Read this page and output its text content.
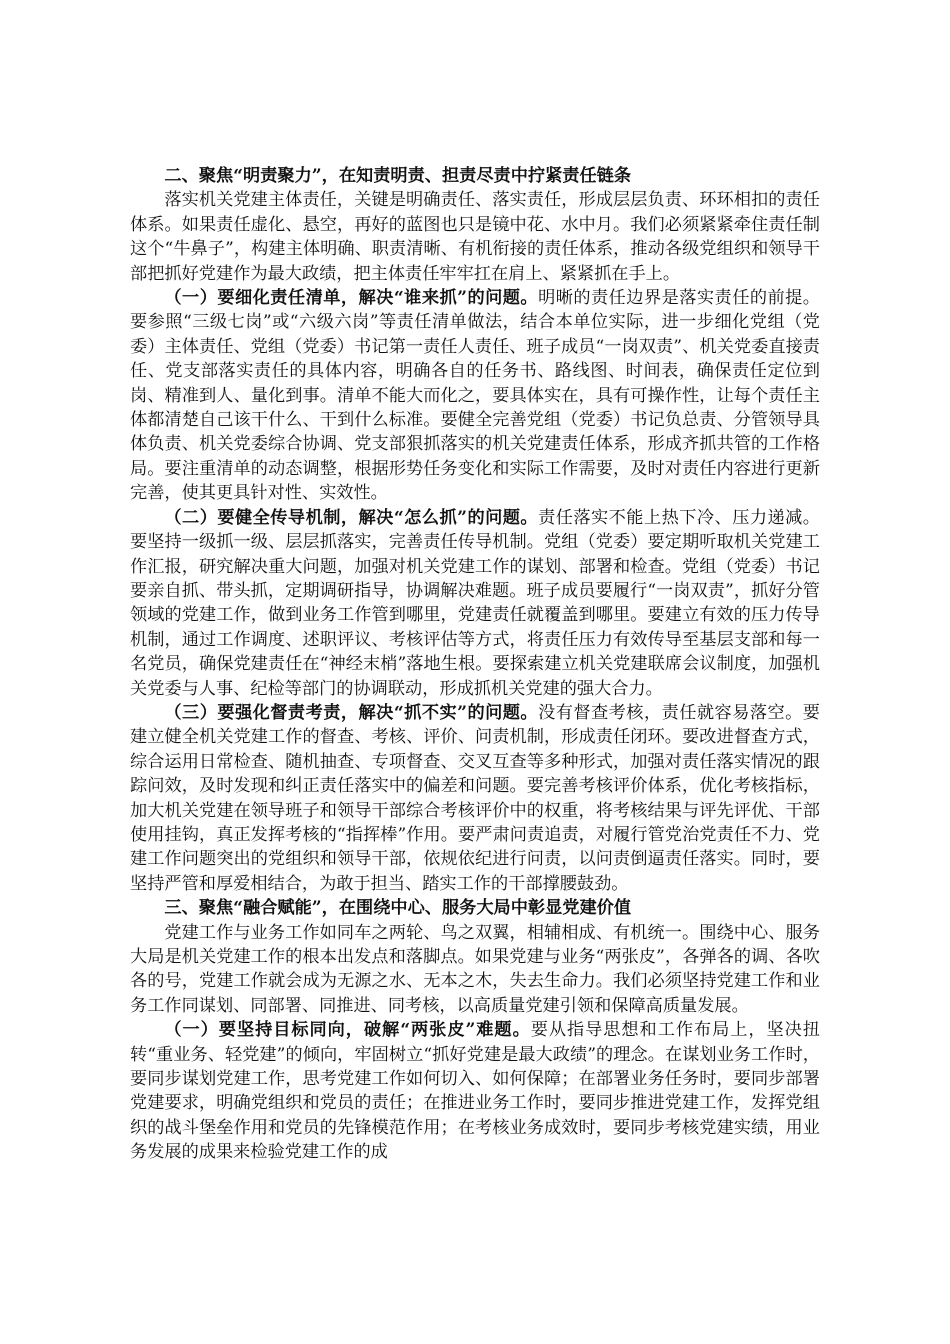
二、聚焦“明责聚力”，在知责明责、担责尽责中拧紧责任链条

落实机关党建主体责任，关键是明确责任、落实责任，形成层层负责、环环相扣的责任体系。如果责任虚化、悬空，再好的蓝图也只是镜中花、水中月。我们必须紧紧牵住责任制这个“牛鼻子”，构建主体明确、职责清晰、有机衔接的责任体系，推动各级党组织和领导干部把抓好党建作为最大政绩，把主体责任牢牢扛在肩上、紧紧抓在手上。

（一）要细化责任清单，解决“谁来抓”的问题。明晰的责任边界是落实责任的前提。要参照“三级七岗”或“六级六岗”等责任清单做法，结合本单位实际，进一步细化党组（党委）主体责任、党组（党委）书记第一责任人责任、班子成员“一岗双责”、机关党委直接责任、党支部落实责任的具体内容，明确各自的任务书、路线图、时间表，确保责任定位到岗、精准到人、量化到事。清单不能大而化之，要具体实在，具有可操作性，让每个责任主体都清楚自己该干什么、干到什么标准。要健全完善党组（党委）书记负总责、分管领导具体负责、机关党委综合协调、党支部狠抓落实的机关党建责任体系，形成齐抓共管的工作格局。要注重清单的动态调整，根据形势任务变化和实际工作需要，及时对责任内容进行更新完善，使其更具针对性、实效性。

（二）要健全传导机制，解决“怎么抓”的问题。责任落实不能上热下冷、压力递减。要坚持一级抓一级、层层抓落实，完善责任传导机制。党组（党委）要定期听取机关党建工作汇报，研究解决重大问题，加强对机关党建工作的谋划、部署和检查。党组（党委）书记要亲自抓、带头抓，定期调研指导，协调解决难题。班子成员要履行“一岗双责”，抓好分管领域的党建工作，做到业务工作管到哪里，党建责任就覆盖到哪里。要建立有效的压力传导机制，通过工作调度、述职评议、考核评估等方式，将责任压力有效传导至基层支部和每一名党员，确保党建责任在“神经末梢”落地生根。要探索建立机关党建联席会议制度，加强机关党委与人事、纪检等部门的协调联动，形成抓机关党建的强大合力。

（三）要强化督责考责，解决“抓不实”的问题。没有督查考核，责任就容易落空。要建立健全机关党建工作的督查、考核、评价、问责机制，形成责任闭环。要改进督查方式，综合运用日常检查、随机抽查、专项督查、交叉互查等多种形式，加强对责任落实情况的跟踪问效，及时发现和纠正责任落实中的偏差和问题。要完善考核评价体系，优化考核指标，加大机关党建在领导班子和领导干部综合考核评价中的权重，将考核结果与评先评优、干部使用挂钩，真正发挥考核的“指挥棒”作用。要严肃问责追责，对履行管党治党责任不力、党建工作问题突出的党组织和领导干部，依规依纪进行问责，以问责倒逼责任落实。同时，要坚持严管和厚爱相结合，为敢于担当、踏实工作的干部撑腰鼓劲。

三、聚焦“融合赋能”，在围绕中心、服务大局中彰显党建价值

党建工作与业务工作如同车之两轮、鸟之双翼，相辅相成、有机统一。围绕中心、服务大局是机关党建工作的根本出发点和落脚点。如果党建与业务“两张皮”，各弹各的调、各吹各的号，党建工作就会成为无源之水、无本之木，失去生命力。我们必须坚持党建工作和业务工作同谋划、同部署、同推进、同考核，以高质量党建引领和保障高质量发展。

（一）要坚持目标同向，破解“两张皮”难题。要从指导思想和工作布局上，坚决扭转“重业务、轻党建”的倾向，牢固树立“抓好党建是最大政绩”的理念。在谋划业务工作时，要同步谋划党建工作，思考党建工作如何切入、如何保障；在部署业务任务时，要同步部署党建要求，明确党组织和党员的责任；在推进业务工作时，要同步推进党建工作，发挥党组织的战斗堡垒作用和党员的先锋模范作用；在考核业务成效时，要同步考核党建实绩，用业务发展的成果来检验党建工作的成
